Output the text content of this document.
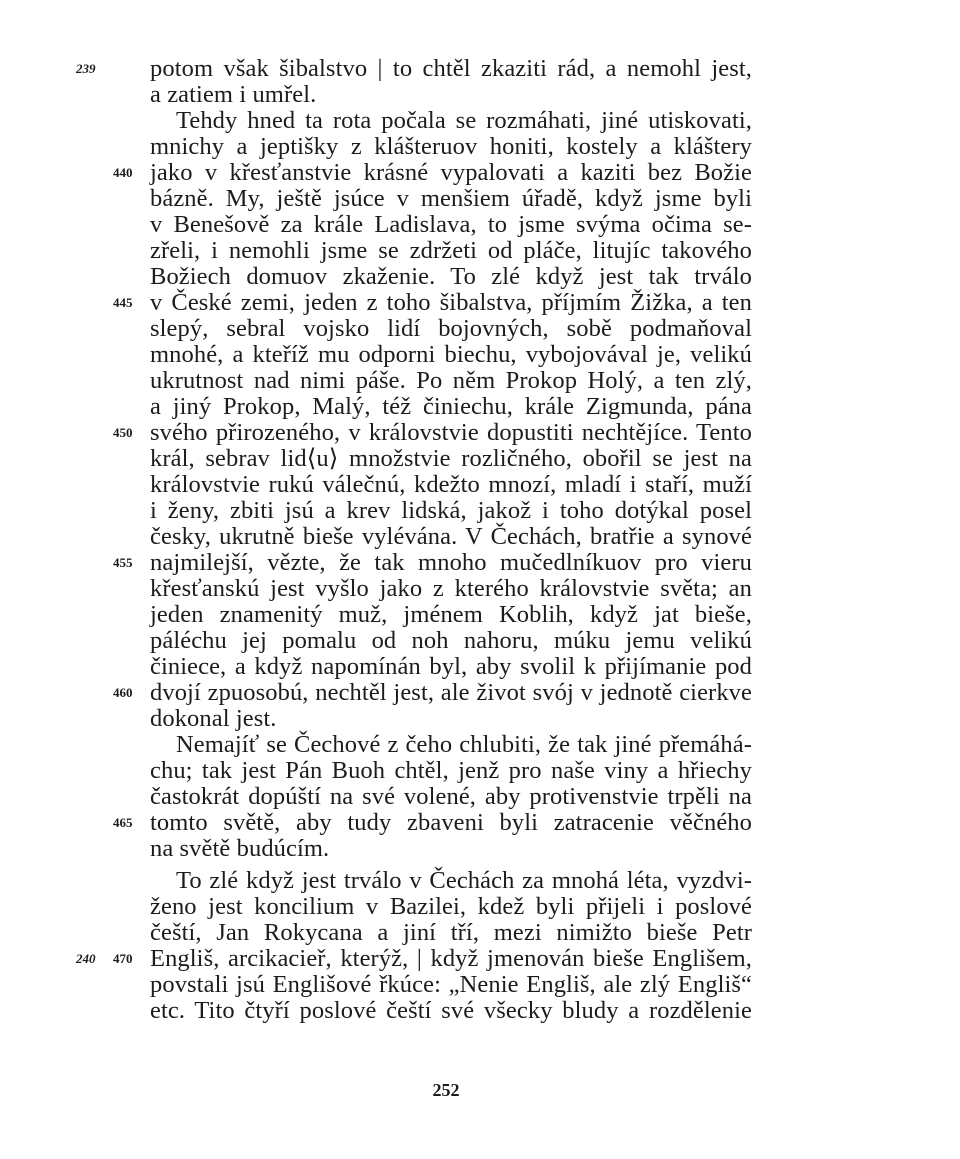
239
240
440
445
450
455
460
465
470
potom však šibalstvo | to chtěl zkaziti rád, a nemohl jest,
a zatiem i umřel.
Tehdy hned ta rota počala se rozmáhati, jiné utiskovati,
mnichy a jeptišky z klášteruov honiti, kostely a kláštery
jako v křesťanstvie krásné vypalovati a kaziti bez Božie
bázně. My, ještě jsúce v menšiem úřadě, když jsme byli
v Benešově za krále Ladislava, to jsme svýma očima se-
zřeli, i nemohli jsme se zdržeti od pláče, litujíc takového
Božiech domuov zkaženie. To zlé když jest tak trválo
v České zemi, jeden z toho šibalstva, příjmím Žižka, a ten
slepý, sebral vojsko lidí bojovných, sobě podmaňoval
mnohé, a kteříž mu odporni biechu, vybojovával je, velikú
ukrutnost nad nimi páše. Po něm Prokop Holý, a ten zlý,
a jiný Prokop, Malý, též činiechu, krále Zigmunda, pána
svého přirozeného, v královstvie dopustiti nechtějíce. Tento
král, sebrav lid⟨u⟩ množstvie rozličného, obořil se jest na
královstvie rukú válečnú, kdežto mnozí, mladí i staří, muží
i ženy, zbiti jsú a krev lidská, jakož i toho dotýkal posel
česky, ukrutně bieše vylévána. V Čechách, bratřie a synové
najmilejší, vězte, že tak mnoho mučedlníkuov pro vieru
křesťanskú jest vyšlo jako z kterého královstvie světa; an
jeden znamenitý muž, jménem Koblih, když jat bieše,
páléchu jej pomalu od noh nahoru, múku jemu velikú
činiece, a když napomínán byl, aby svolil k přijímanie pod
dvojí zpuosobú, nechtěl jest, ale život svój v jednotě cierkve
dokonal jest.
Nemajíť se Čechové z čeho chlubiti, že tak jiné přemáhá-
chu; tak jest Pán Buoh chtěl, jenž pro naše viny a hřiechy
častokrát dopúští na své volené, aby protivenstvie trpěli na
tomto světě, aby tudy zbaveni byli zatracenie věčného
na světě budúcím.
To zlé když jest trválo v Čechách za mnohá léta, vyzdvi-
ženo jest koncilium v Bazilei, kdež byli přijeli i poslové
čeští, Jan Rokycana a jiní tří, mezi nimižto bieše Petr
Engliš, arcikacieř, kterýž, | když jmenován bieše Englišem,
povstali jsú Englišové řkúce: „Nenie Engliš, ale zlý Engliš“
etc. Tito čtyří poslové čeští své všecky bludy a rozdělenie
252
